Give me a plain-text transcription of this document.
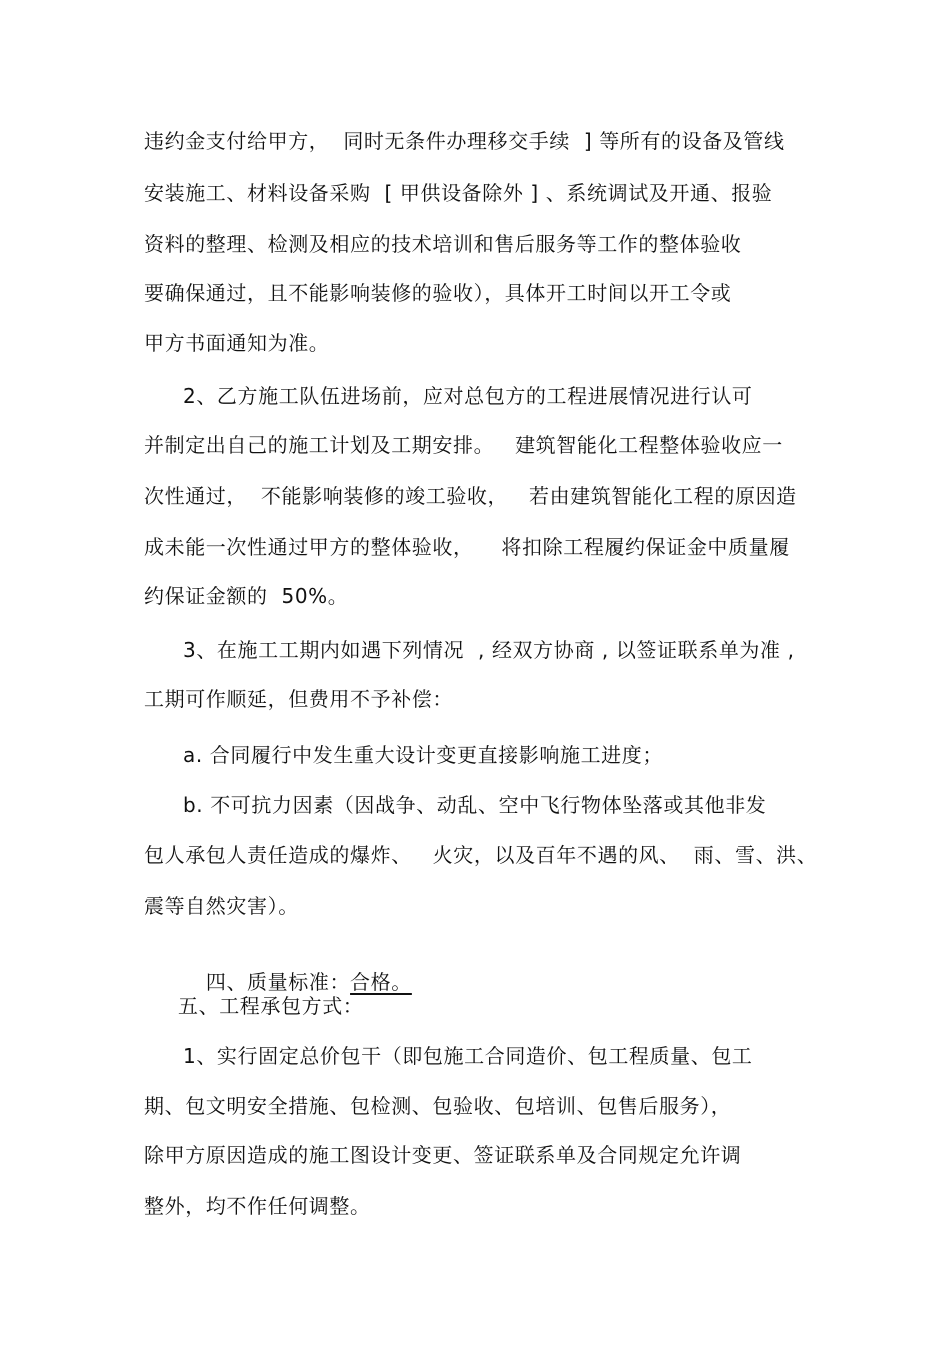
违约金支付给甲方，  同时无条件办理移交手续  ] 等所有的设备及管线
安装施工、材料设备采购  [ 甲供设备除外 ] 、系统调试及开通、报验
资料的整理、检测及相应的技术培训和售后服务等工作的整体验收
要确保通过，且不能影响装修的验收），具体开工时间以开工令或
甲方书面通知为准。
2、乙方施工队伍进场前，应对总包方的工程进展情况进行认可
并制定出自己的施工计划及工期安排。   建筑智能化工程整体验收应一
次性通过，  不能影响装修的竣工验收，   若由建筑智能化工程的原因造
成未能一次性通过甲方的整体验收，    将扣除工程履约保证金中质量履
约保证金额的  50%。
3、在施工工期内如遇下列情况  , 经双方协商 , 以签证联系单为准 ,
工期可作顺延，但费用不予补偿：
a. 合同履行中发生重大设计变更直接影响施工进度；
b. 不可抗力因素（因战争、动乱、空中飞行物体坠落或其他非发
包人承包人责任造成的爆炸、   火灾，以及百年不遇的风、  雨、雪、洪、
震等自然灾害）。

四、质量标准：合格。

五、工程承包方式：
1、实行固定总价包干（即包施工合同造价、包工程质量、包工
期、包文明安全措施、包检测、包验收、包培训、包售后服务），
除甲方原因造成的施工图设计变更、签证联系单及合同规定允许调
整外，均不作任何调整。
